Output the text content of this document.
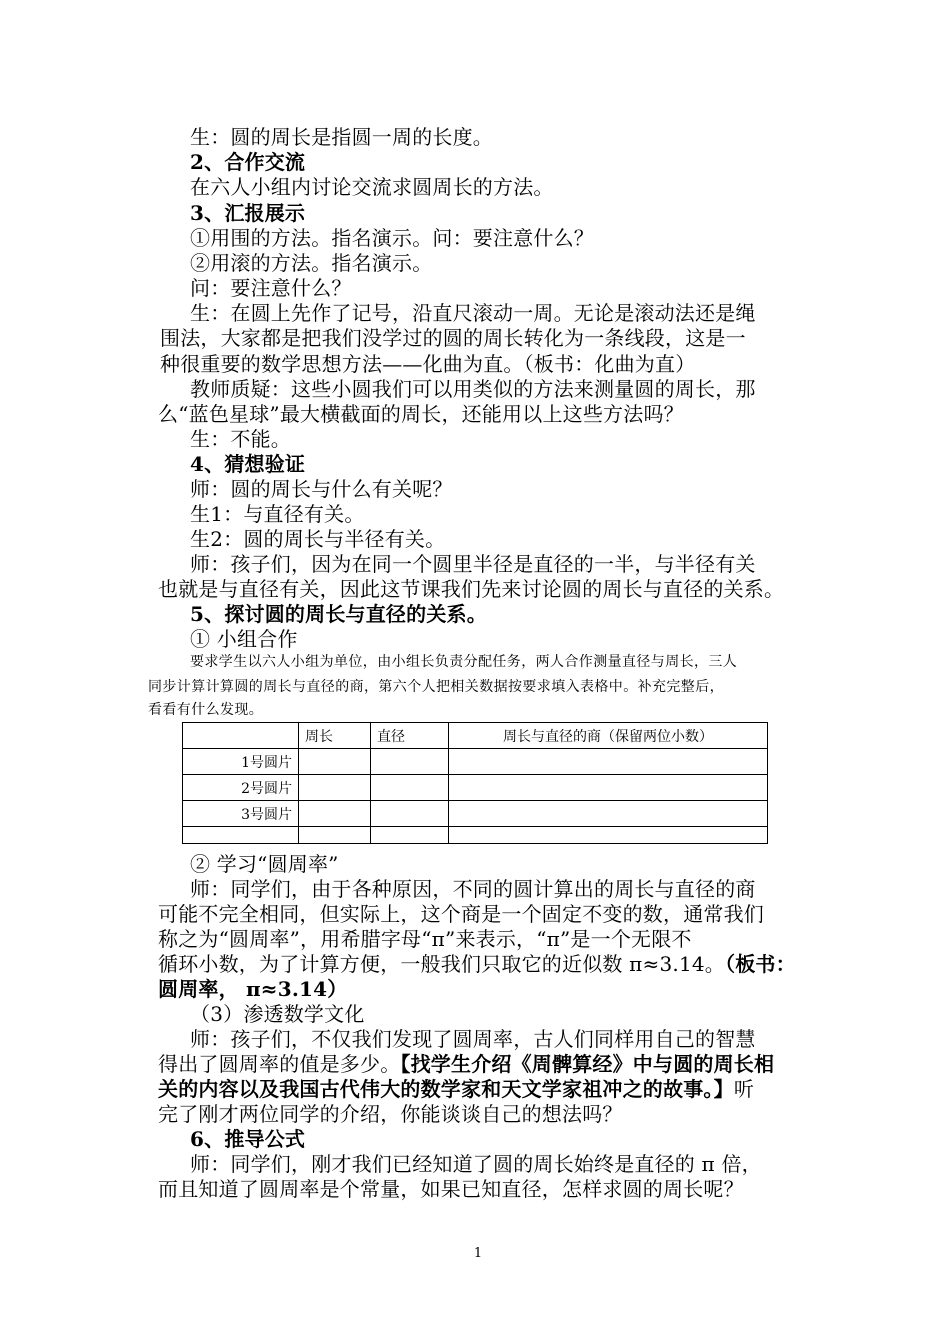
生：圆的周长是指圆一周的长度。
2、合作交流
在六人小组内讨论交流求圆周长的方法。
3、汇报展示
①用围的方法。指名演示。问：要注意什么？
②用滚的方法。指名演示。
问：要注意什么？
生：在圆上先作了记号，沿直尺滚动一周。无论是滚动法还是绳
围法，大家都是把我们没学过的圆的周长转化为一条线段，这是一
种很重要的数学思想方法——化曲为直。（板书：化曲为直）
教师质疑：这些小圆我们可以用类似的方法来测量圆的周长，那
么“蓝色星球”最大横截面的周长，还能用以上这些方法吗？
生：不能。
4、猜想验证
师：圆的周长与什么有关呢？
生1：与直径有关。
生2：圆的周长与半径有关。
师：孩子们，因为在同一个圆里半径是直径的一半，与半径有关
也就是与直径有关，因此这节课我们先来讨论圆的周长与直径的关系。
5、探讨圆的周长与直径的关系。
① 小组合作
要求学生以六人小组为单位，由小组长负责分配任务，两人合作测量直径与周长，三人
同步计算计算圆的周长与直径的商，第六个人把相关数据按要求填入表格中。补充完整后，
看看有什么发现。
	周长	直径	周长与直径的商（保留两位小数）
1号圆片			
2号圆片			
3号圆片			

② 学习“圆周率”
师：同学们，由于各种原因，不同的圆计算出的周长与直径的商
可能不完全相同，但实际上，这个商是一个固定不变的数，通常我们
称之为“圆周率”，用希腊字母“π”来表示，“π”是一个无限不
循环小数，为了计算方便，一般我们只取它的近似数 π≈3.14。（板书：
圆周率， π≈3.14）
（3）渗透数学文化
师：孩子们，不仅我们发现了圆周率，古人们同样用自己的智慧
得出了圆周率的值是多少。【找学生介绍《周髀算经》中与圆的周长相
关的内容以及我国古代伟大的数学家和天文学家祖冲之的故事。】听
完了刚才两位同学的介绍，你能谈谈自己的想法吗？
6、推导公式
师：同学们，刚才我们已经知道了圆的周长始终是直径的 π 倍，
而且知道了圆周率是个常量，如果已知直径，怎样求圆的周长呢？
1
